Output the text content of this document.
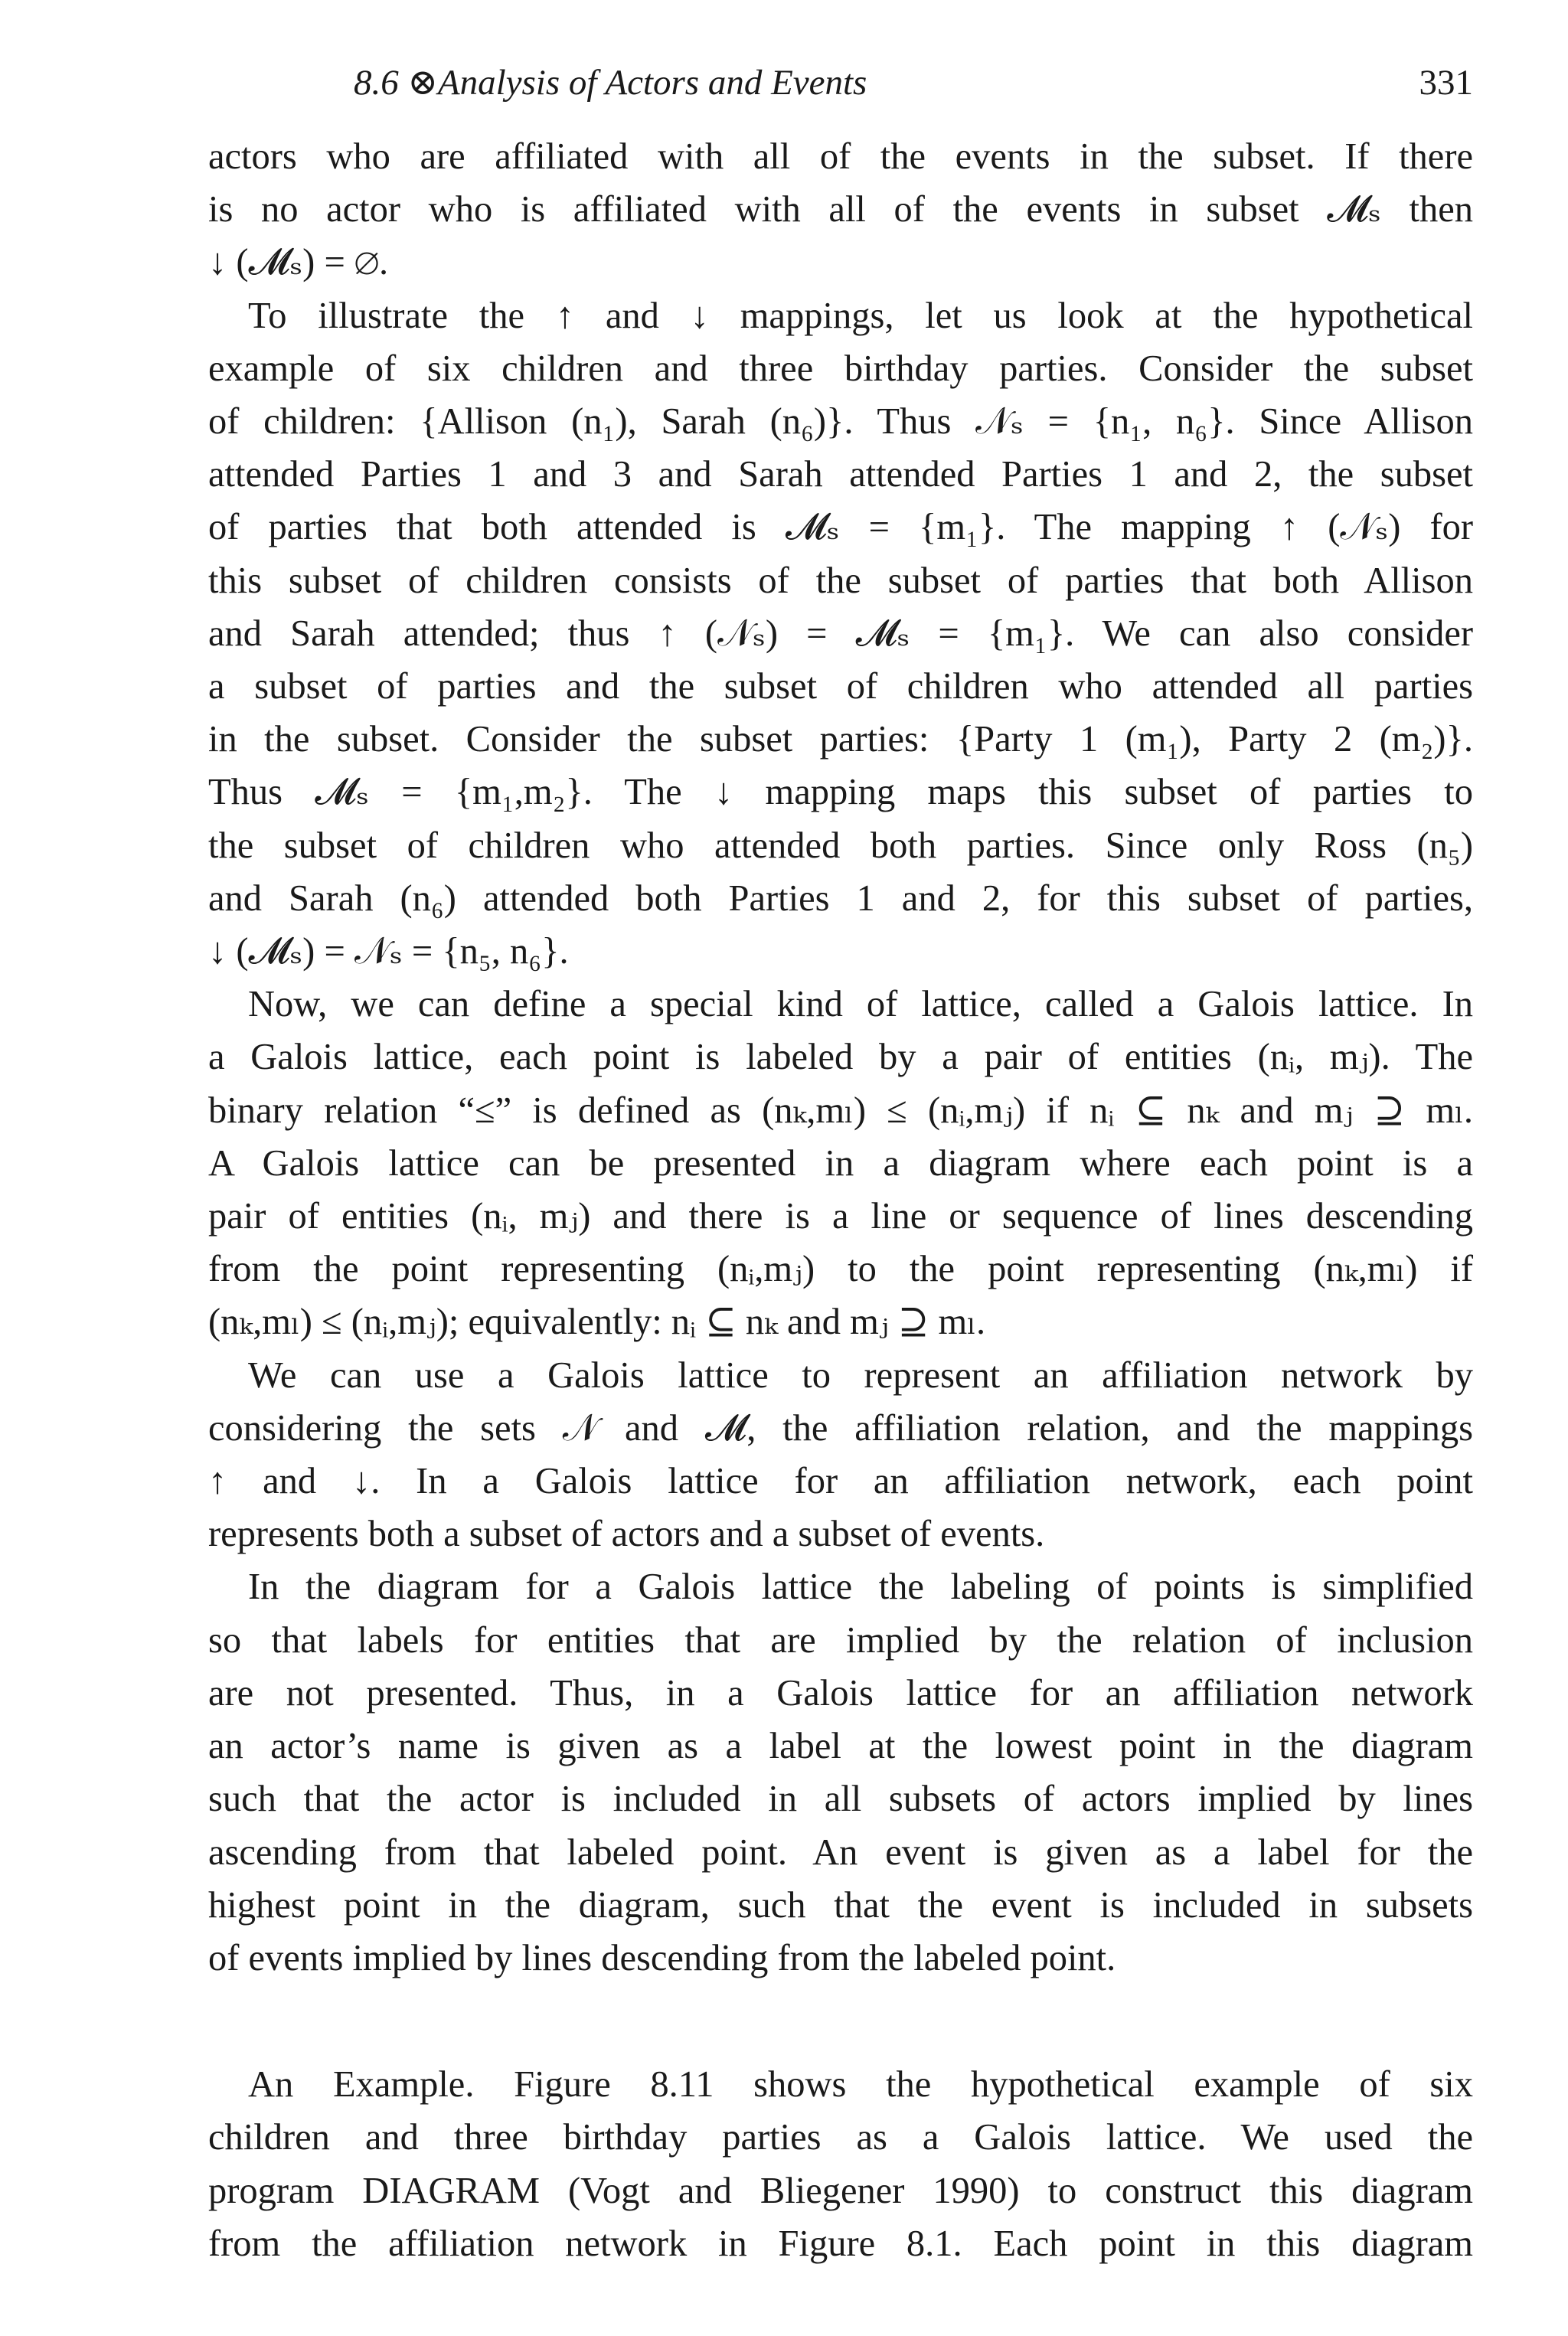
8.6 ⊗Analysis of Actors and Events	331

actors who are affiliated with all of the events in the subset. If there
is no actor who is affiliated with all of the events in subset 𝓜ₛ then
↓ (𝓜ₛ) = ∅.

To illustrate the ↑ and ↓ mappings, let us look at the hypothetical
example of six children and three birthday parties. Consider the subset
of children: {Allison (n₁), Sarah (n₆)}. Thus 𝒩ₛ = {n₁, n₆}. Since Allison
attended Parties 1 and 3 and Sarah attended Parties 1 and 2, the subset
of parties that both attended is 𝓜ₛ = {m₁}. The mapping ↑ (𝒩ₛ) for
this subset of children consists of the subset of parties that both Allison
and Sarah attended; thus ↑ (𝒩ₛ) = 𝓜ₛ = {m₁}. We can also consider
a subset of parties and the subset of children who attended all parties
in the subset. Consider the subset parties: {Party 1 (m₁), Party 2 (m₂)}.
Thus 𝓜ₛ = {m₁,m₂}. The ↓ mapping maps this subset of parties to
the subset of children who attended both parties. Since only Ross (n₅)
and Sarah (n₆) attended both Parties 1 and 2, for this subset of parties,
↓ (𝓜ₛ) = 𝒩ₛ = {n₅, n₆}.

Now, we can define a special kind of lattice, called a Galois lattice. In
a Galois lattice, each point is labeled by a pair of entities (nᵢ, mⱼ). The
binary relation “≤” is defined as (nₖ,mₗ) ≤ (nᵢ,mⱼ) if nᵢ ⊆ nₖ and mⱼ ⊇ mₗ.
A Galois lattice can be presented in a diagram where each point is a
pair of entities (nᵢ, mⱼ) and there is a line or sequence of lines descending
from the point representing (nᵢ,mⱼ) to the point representing (nₖ,mₗ) if
(nₖ,mₗ) ≤ (nᵢ,mⱼ); equivalently: nᵢ ⊆ nₖ and mⱼ ⊇ mₗ.

We can use a Galois lattice to represent an affiliation network by
considering the sets 𝒩 and 𝓜, the affiliation relation, and the mappings
↑ and ↓. In a Galois lattice for an affiliation network, each point
represents both a subset of actors and a subset of events.

In the diagram for a Galois lattice the labeling of points is simplified
so that labels for entities that are implied by the relation of inclusion
are not presented. Thus, in a Galois lattice for an affiliation network
an actor’s name is given as a label at the lowest point in the diagram
such that the actor is included in all subsets of actors implied by lines
ascending from that labeled point. An event is given as a label for the
highest point in the diagram, such that the event is included in subsets
of events implied by lines descending from the labeled point.

An Example. Figure 8.11 shows the hypothetical example of six
children and three birthday parties as a Galois lattice. We used the
program DIAGRAM (Vogt and Bliegener 1990) to construct this diagram
from the affiliation network in Figure 8.1. Each point in this diagram
